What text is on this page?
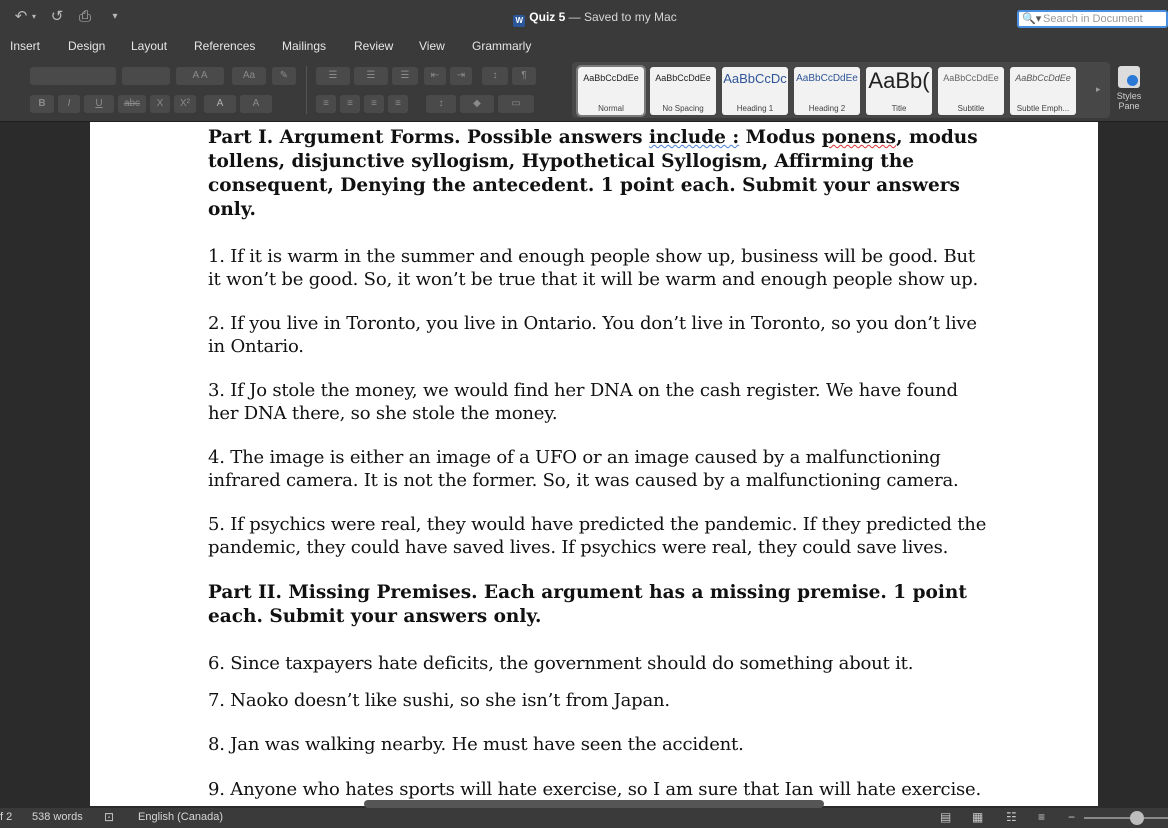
↶ ▾ ↺ ⎙	▾	W Quiz 5 — Saved to my Mac	🔍▾ Search in Document
Insert Design Layout References Mailings Review View Grammarly
A A	Aa	✎
B	I	U	abc	X	X²	A	A
☰	☰	☰	⇤	⇥	↕	¶
≡	≡	≡	≡	↕	◆	▭
AaBbCcDdEe
Normal
AaBbCcDdEe
No Spacing
AaBbCcDc
Heading 1
AaBbCcDdEe
Heading 2
AaBb(
Title
AaBbCcDdEe
Subtitle
AaBbCcDdEe
Subtle Emph...
▸
Styles Pane

Part I. Argument Forms. Possible answers include : Modus ponens, modus tollens, disjunctive syllogism, Hypothetical Syllogism, Affirming the consequent, Denying the antecedent. 1 point each. Submit your answers only.

1. If it is warm in the summer and enough people show up, business will be good. But it won’t be good. So, it won’t be true that it will be warm and enough people show up.

2. If you live in Toronto, you live in Ontario. You don’t live in Toronto, so you don’t live in Ontario.

3. If Jo stole the money, we would find her DNA on the cash register. We have found her DNA there, so she stole the money.

4. The image is either an image of a UFO or an image caused by a malfunctioning infrared camera. It is not the former. So, it was caused by a malfunctioning camera.

5. If psychics were real, they would have predicted the pandemic. If they predicted the pandemic, they could have saved lives. If psychics were real, they could save lives.

Part II. Missing Premises. Each argument has a missing premise. 1 point each. Submit your answers only.

6. Since taxpayers hate deficits, the government should do something about it.

7. Naoko doesn’t like sushi, so she isn’t from Japan.

8. Jan was walking nearby. He must have seen the accident.

9. Anyone who hates sports will hate exercise, so I am sure that Ian will hate exercise.

f 2 538 words ⊡ English (Canada)	▤ ▦ ☷ ≡ −
